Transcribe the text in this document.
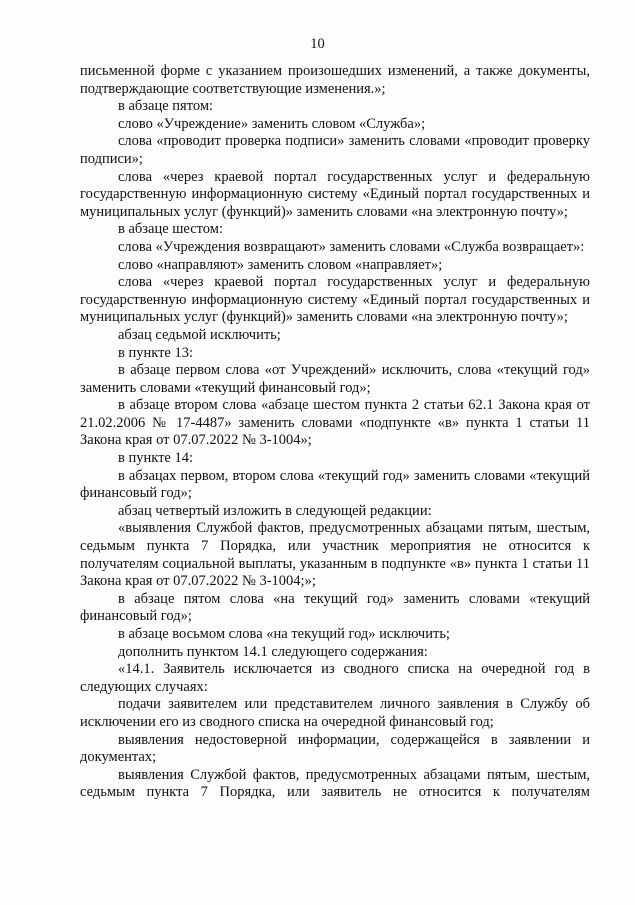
10

письменной форме с указанием произошедших изменений, а также документы, подтверждающие соответствующие изменения.»;

в абзаце пятом:

слово «Учреждение» заменить словом «Служба»;

слова «проводит проверка подписи» заменить словами «проводит проверку подписи»;

слова «через краевой портал государственных услуг и федеральную государственную информационную систему «Единый портал государственных и муниципальных услуг (функций)» заменить словами «на электронную почту»;

в абзаце шестом:

слова «Учреждения возвращают» заменить словами «Служба возвращает»:

слово «направляют» заменить словом «направляет»;

слова «через краевой портал государственных услуг и федеральную государственную информационную систему «Единый портал государственных и муниципальных услуг (функций)» заменить словами «на электронную почту»;

абзац седьмой исключить;

в пункте 13:

в абзаце первом слова «от Учреждений» исключить, слова «текущий год» заменить словами «текущий финансовый год»;

в абзаце втором слова «абзаце шестом пункта 2 статьи 62.1 Закона края от 21.02.2006 № 17-4487» заменить словами «подпункте «в» пункта 1 статьи 11 Закона края от 07.07.2022 № 3-1004»;

в пункте 14:

в абзацах первом, втором слова «текущий год» заменить словами «текущий финансовый год»;

абзац четвертый изложить в следующей редакции:

«выявления Службой фактов, предусмотренных абзацами пятым, шестым, седьмым пункта 7 Порядка, или участник мероприятия не относится к получателям социальной выплаты, указанным в подпункте «в» пункта 1 статьи 11 Закона края от 07.07.2022 № 3-1004;»;

в абзаце пятом слова «на текущий год» заменить словами «текущий финансовый год»;

в абзаце восьмом слова «на текущий год» исключить;

дополнить пунктом 14.1 следующего содержания:

«14.1. Заявитель исключается из сводного списка на очередной год в следующих случаях:

подачи заявителем или представителем личного заявления в Службу об исключении его из сводного списка на очередной финансовый год;

выявления недостоверной информации, содержащейся в заявлении и документах;

выявления Службой фактов, предусмотренных абзацами пятым, шестым, седьмым пункта 7 Порядка, или заявитель не относится к получателям
